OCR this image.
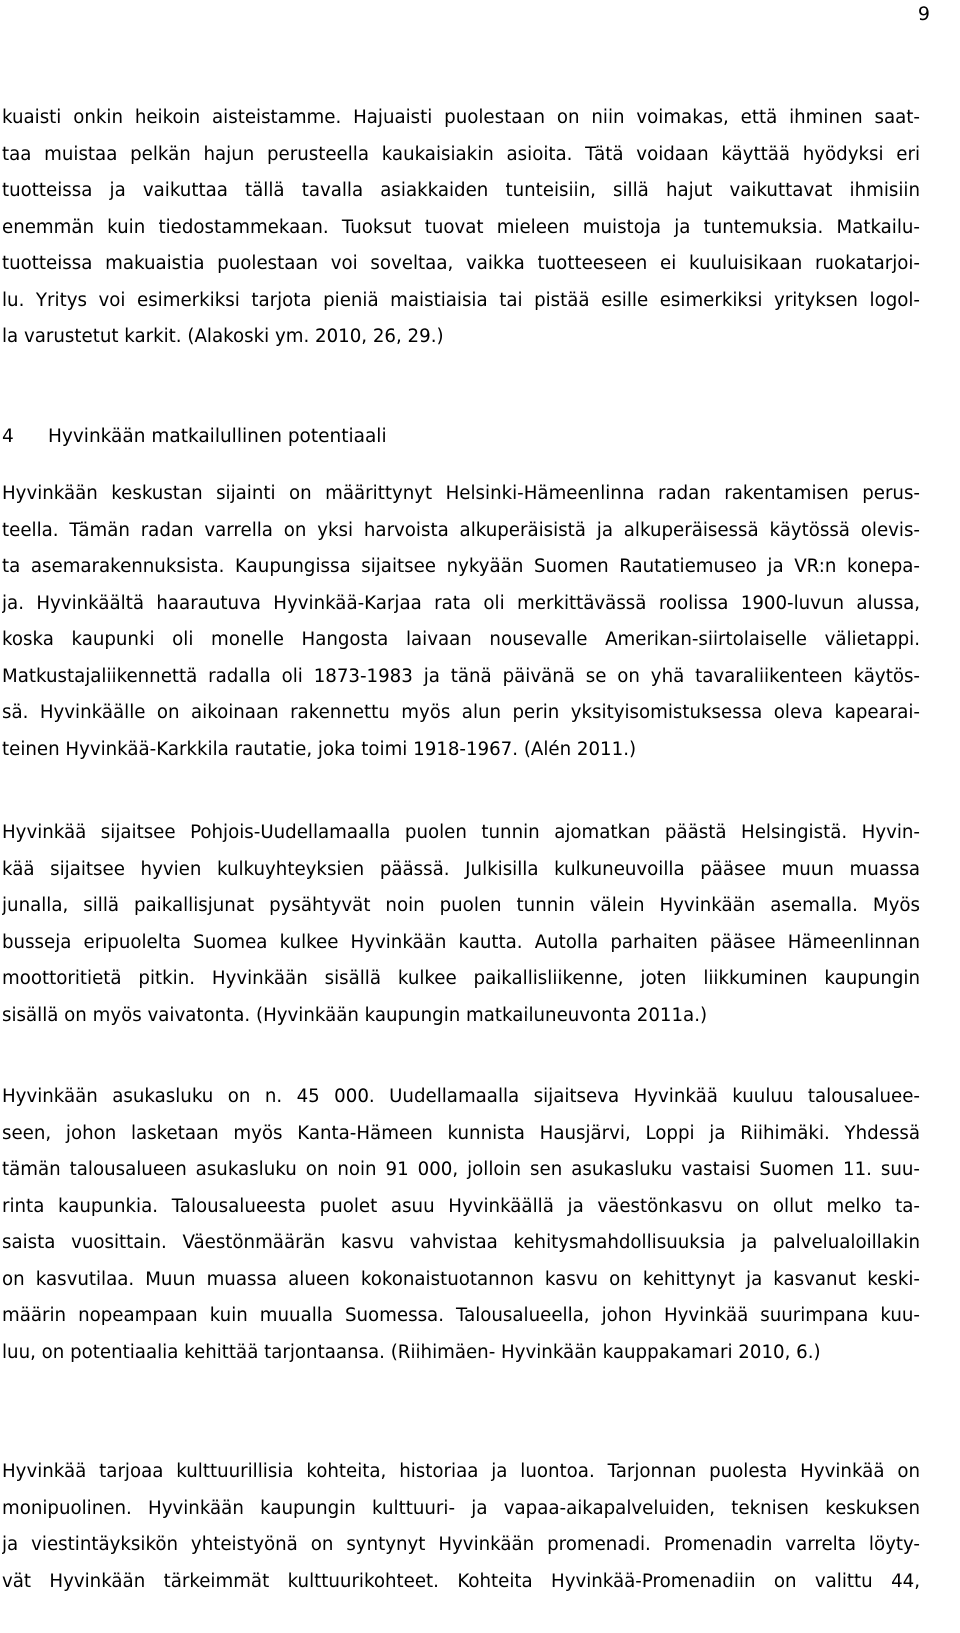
9
kuaisti onkin heikoin aisteistamme. Hajuaisti puolestaan on niin voimakas, että ihminen saat-
taa muistaa pelkän hajun perusteella kaukaisiakin asioita. Tätä voidaan käyttää hyödyksi eri
tuotteissa ja vaikuttaa tällä tavalla asiakkaiden tunteisiin, sillä hajut vaikuttavat ihmisiin
enemmän kuin tiedostammekaan. Tuoksut tuovat mieleen muistoja ja tuntemuksia. Matkailu-
tuotteissa makuaistia puolestaan voi soveltaa, vaikka tuotteeseen ei kuuluisikaan ruokatarjoi-
lu. Yritys voi esimerkiksi tarjota pieniä maistiaisia tai pistää esille esimerkiksi yrityksen logol-
la varustetut karkit. (Alakoski ym. 2010, 26, 29.)
4 Hyvinkään matkailullinen potentiaali
Hyvinkään keskustan sijainti on määrittynyt Helsinki-Hämeenlinna radan rakentamisen perus-
teella. Tämän radan varrella on yksi harvoista alkuperäisistä ja alkuperäisessä käytössä olevis-
ta asemarakennuksista. Kaupungissa sijaitsee nykyään Suomen Rautatiemuseo ja VR:n konepa-
ja. Hyvinkäältä haarautuva Hyvinkää-Karjaa rata oli merkittävässä roolissa 1900-luvun alussa,
koska kaupunki oli monelle Hangosta laivaan nousevalle Amerikan-siirtolaiselle välietappi.
Matkustajaliikennettä radalla oli 1873-1983 ja tänä päivänä se on yhä tavaraliikenteen käytös-
sä. Hyvinkäälle on aikoinaan rakennettu myös alun perin yksityisomistuksessa oleva kapearai-
teinen Hyvinkää-Karkkila rautatie, joka toimi 1918-1967. (Alén 2011.)
Hyvinkää sijaitsee Pohjois-Uudellamaalla puolen tunnin ajomatkan päästä Helsingistä. Hyvin-
kää sijaitsee hyvien kulkuyhteyksien päässä. Julkisilla kulkuneuvoilla pääsee muun muassa
junalla, sillä paikallisjunat pysähtyvät noin puolen tunnin välein Hyvinkään asemalla. Myös
busseja eripuolelta Suomea kulkee Hyvinkään kautta. Autolla parhaiten pääsee Hämeenlinnan
moottoritietä pitkin. Hyvinkään sisällä kulkee paikallisliikenne, joten liikkuminen kaupungin
sisällä on myös vaivatonta. (Hyvinkään kaupungin matkailuneuvonta 2011a.)
Hyvinkään asukasluku on n. 45 000. Uudellamaalla sijaitseva Hyvinkää kuuluu talousaluee-
seen, johon lasketaan myös Kanta-Hämeen kunnista Hausjärvi, Loppi ja Riihimäki. Yhdessä
tämän talousalueen asukasluku on noin 91 000, jolloin sen asukasluku vastaisi Suomen 11. suu-
rinta kaupunkia. Talousalueesta puolet asuu Hyvinkäällä ja väestönkasvu on ollut melko ta-
saista vuosittain. Väestönmäärän kasvu vahvistaa kehitysmahdollisuuksia ja palvelualoillakin
on kasvutilaa. Muun muassa alueen kokonaistuotannon kasvu on kehittynyt ja kasvanut keski-
määrin nopeampaan kuin muualla Suomessa. Talousalueella, johon Hyvinkää suurimpana kuu-
luu, on potentiaalia kehittää tarjontaansa. (Riihimäen- Hyvinkään kauppakamari 2010, 6.)
Hyvinkää tarjoaa kulttuurillisia kohteita, historiaa ja luontoa. Tarjonnan puolesta Hyvinkää on
monipuolinen. Hyvinkään kaupungin kulttuuri- ja vapaa-aikapalveluiden, teknisen keskuksen
ja viestintäyksikön yhteistyönä on syntynyt Hyvinkään promenadi. Promenadin varrelta löyty-
vät Hyvinkään tärkeimmät kulttuurikohteet. Kohteita Hyvinkää-Promenadiin on valittu 44,
